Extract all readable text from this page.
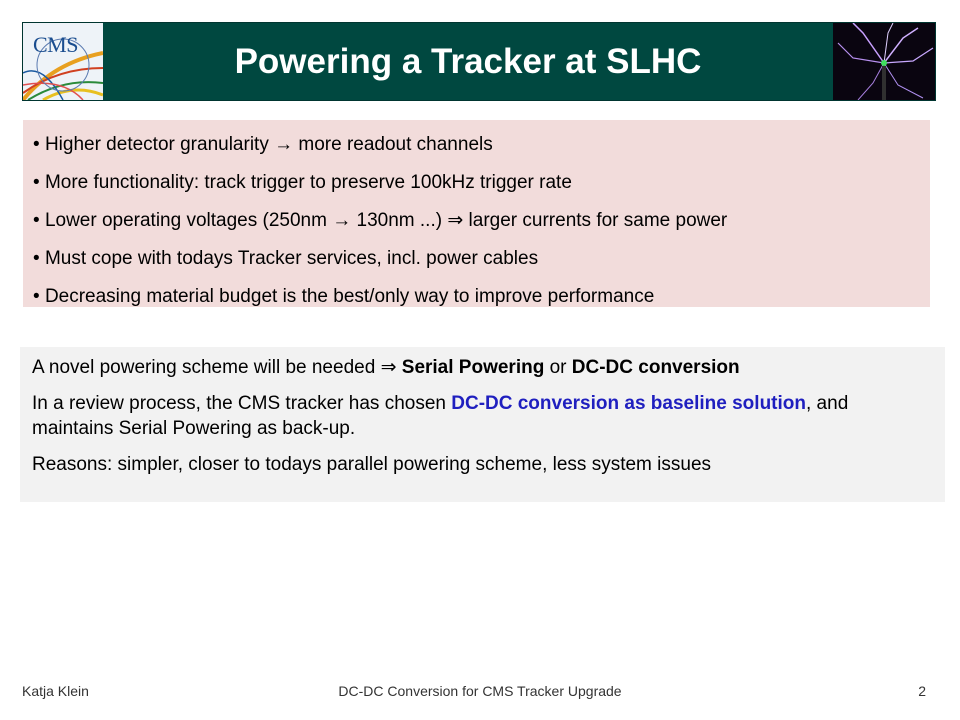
CMS	Powering a Tracker at SLHC
• Higher detector granularity → more readout channels
• More functionality: track trigger to preserve 100kHz trigger rate
• Lower operating voltages (250nm → 130nm ...) ⇒ larger currents for same power
• Must cope with todays Tracker services, incl. power cables
• Decreasing material budget is the best/only way to improve performance
A novel powering scheme will be needed ⇒ Serial Powering or DC-DC conversion
In a review process, the CMS tracker has chosen DC-DC conversion as baseline solution, and maintains Serial Powering as back-up.
Reasons: simpler, closer to todays parallel powering scheme, less system issues
Katja Klein	DC-DC Conversion for CMS Tracker Upgrade	2
